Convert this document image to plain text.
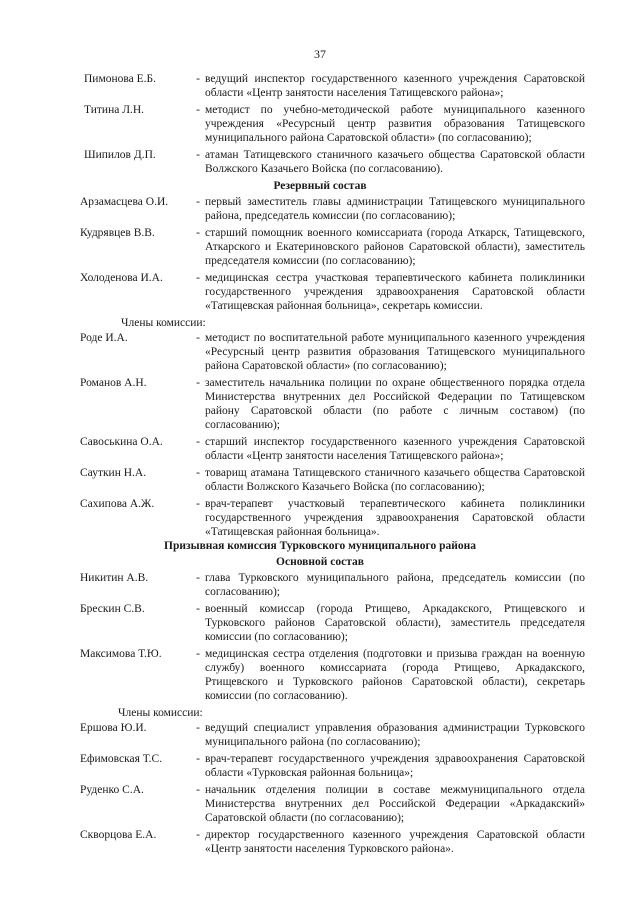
37
Пимонова Е.Б.	- ведущий инспектор государственного казенного учреждения Саратовской области «Центр занятости населения Татищевского района»;
Титина Л.Н.	- методист по учебно-методической работе муниципального казенного учреждения «Ресурсный центр развития образования Татищевского муниципального района Саратовской области» (по согласованию);
Шипилов Д.П.	- атаман Татищевского станичного казачьего общества Саратовской области Волжского Казачьего Войска (по согласованию).
Резервный состав
Арзамасцева О.И.	- первый заместитель главы администрации Татищевского муниципального района, председатель комиссии (по согласованию);
Кудрявцев В.В.	- старший помощник военного комиссариата (города Аткарск, Татищевского, Аткарского и Екатериновского районов Саратовской области), заместитель председателя комиссии (по согласованию);
Холоденова И.А.	- медицинская сестра участковая терапевтического кабинета поликлиники государственного учреждения здравоохранения Саратовской области «Татищевская районная больница», секретарь комиссии.
Члены комиссии:
Роде И.А.	- методист по воспитательной работе муниципального казенного учреждения «Ресурсный центр развития образования Татищевского муниципального района Саратовской области» (по согласованию);
Романов А.Н.	- заместитель начальника полиции по охране общественного порядка отдела Министерства внутренних дел Российской Федерации по Татищевском району Саратовской области (по работе с личным составом) (по согласованию);
Савоськина О.А.	- старший инспектор государственного казенного учреждения Саратовской области «Центр занятости населения Татищевского района»;
Сауткин Н.А.	- товарищ атамана Татищевского станичного казачьего общества Саратовской области Волжского Казачьего Войска (по согласованию);
Сахипова А.Ж.	- врач-терапевт участковый терапевтического кабинета поликлиники государственного учреждения здравоохранения Саратовской области «Татищевская районная больница».
Призывная комиссия Турковского муниципального района
Основной состав
Никитин А.В.	- глава Турковского муниципального района, председатель комиссии (по согласованию);
Брескин С.В.	- военный комиссар (города Ртищево, Аркадакского, Ртищевского и Турковского районов Саратовской области), заместитель председателя комиссии (по согласованию);
Максимова Т.Ю.	- медицинская сестра отделения (подготовки и призыва граждан на военную службу) военного комиссариата (города Ртищево, Аркадакского, Ртищевского и Турковского районов Саратовской области), секретарь комиссии (по согласованию).
Члены комиссии:
Ершова Ю.И.	- ведущий специалист управления образования администрации Турковского муниципального района (по согласованию);
Ефимовская Т.С.	- врач-терапевт государственного учреждения здравоохранения Саратовской области «Турковская районная больница»;
Руденко С.А.	- начальник отделения полиции в составе межмуниципального отдела Министерства внутренних дел Российской Федерации «Аркадакский» Саратовской области (по согласованию);
Скворцова Е.А.	- директор государственного казенного учреждения Саратовской области «Центр занятости населения Турковского района».
